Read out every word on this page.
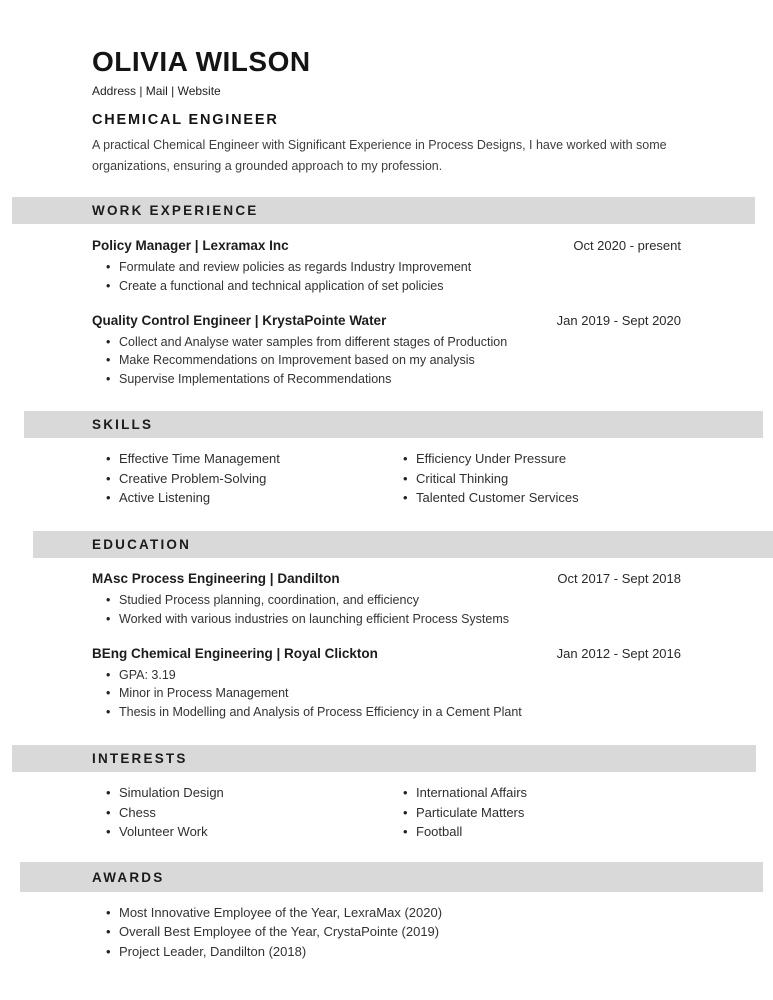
OLIVIA WILSON
Address | Mail | Website
CHEMICAL ENGINEER
A practical Chemical Engineer with Significant Experience in Process Designs, I have worked with some organizations, ensuring a grounded approach to my profession.
WORK EXPERIENCE
Policy Manager | Lexramax Inc	Oct 2020 - present
• Formulate and review policies as regards Industry Improvement
• Create a functional and technical application of set policies
Quality Control Engineer | KrystaPointe Water	Jan 2019 - Sept 2020
• Collect and Analyse water samples from different stages of Production
• Make Recommendations on Improvement based on my analysis
• Supervise Implementations of Recommendations
SKILLS
• Effective Time Management
• Creative Problem-Solving
• Active Listening
• Efficiency Under Pressure
• Critical Thinking
• Talented Customer Services
EDUCATION
MAsc Process Engineering | Dandilton	Oct 2017 - Sept 2018
• Studied Process planning, coordination, and efficiency
• Worked with various industries on launching efficient Process Systems
BEng Chemical Engineering | Royal Clickton	Jan 2012 - Sept 2016
• GPA: 3.19
• Minor in Process Management
• Thesis in Modelling and Analysis of Process Efficiency in a Cement Plant
INTERESTS
• Simulation Design
• Chess
• Volunteer Work
• International Affairs
• Particulate Matters
• Football
AWARDS
• Most Innovative Employee of the Year, LexraMax (2020)
• Overall Best Employee of the Year, CrystaPointe (2019)
• Project Leader, Dandilton (2018)
